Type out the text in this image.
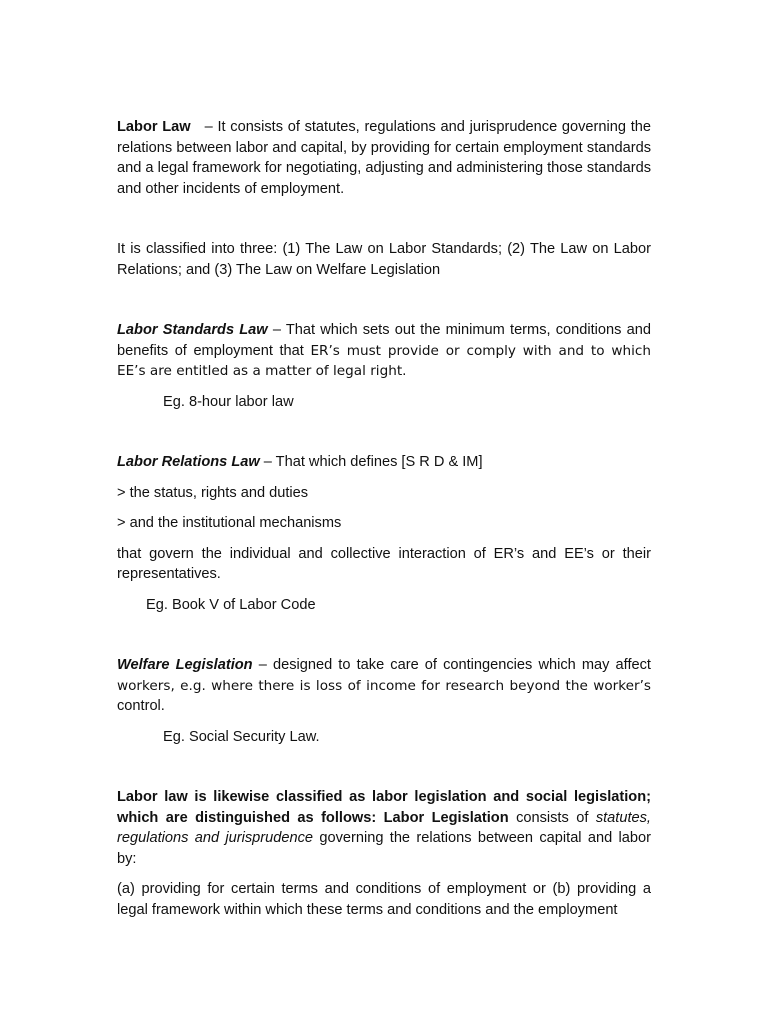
Labor Law – It consists of statutes, regulations and jurisprudence governing the relations between labor and capital, by providing for certain employment standards and a legal framework for negotiating, adjusting and administering those standards and other incidents of employment.

It is classified into three: (1) The Law on Labor Standards; (2) The Law on Labor Relations; and (3) The Law on Welfare Legislation

Labor Standards Law – That which sets out the minimum terms, conditions and benefits of employment that ER’s must provide or comply with and to which EE’s are entitled as a matter of legal right.

Eg. 8-hour labor law

Labor Relations Law – That which defines [S R D & IM]

> the status, rights and duties

> and the institutional mechanisms

that govern the individual and collective interaction of ER’s and EE’s or their
representatives.

Eg. Book V of Labor Code

Welfare Legislation – designed to take care of contingencies which may affect workers, e.g. where there is loss of income for research beyond the worker’s control.

Eg. Social Security Law.

Labor law is likewise classified as labor legislation and social legislation; which are distinguished as follows: Labor Legislation consists of statutes, regulations and jurisprudence governing the relations between capital and labor by:

(a) providing for certain terms and conditions of employment or (b) providing a legal framework within which these terms and conditions and the employment
